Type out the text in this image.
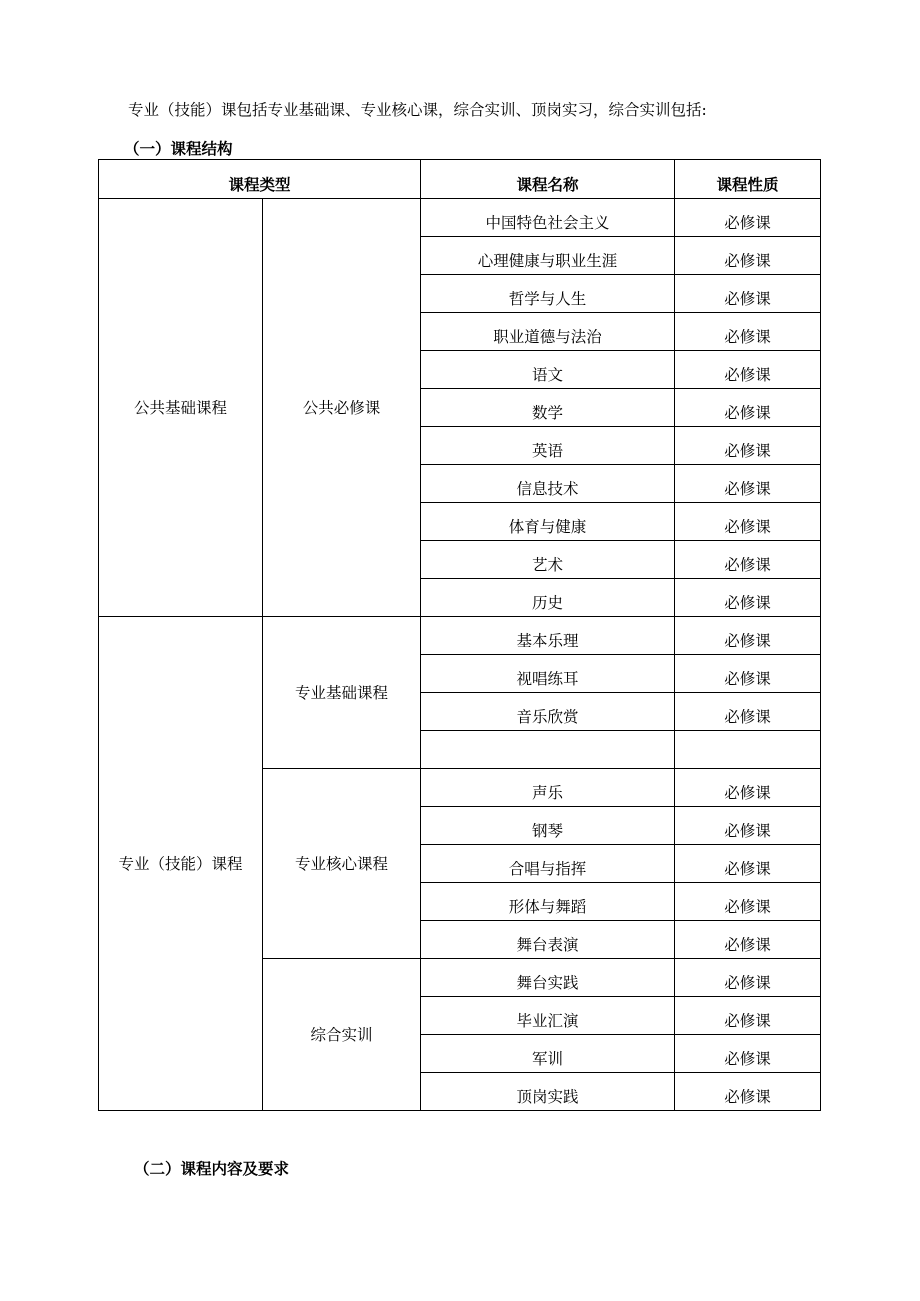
专业（技能）课包括专业基础课、专业核心课，综合实训、顶岗实习，综合实训包括:
（一）课程结构
课程类型		课程名称	课程性质
公共基础课程	公共必修课	中国特色社会主义	必修课
		心理健康与职业生涯	必修课
		哲学与人生	必修课
		职业道德与法治	必修课
		语文	必修课
		数学	必修课
		英语	必修课
		信息技术	必修课
		体育与健康	必修课
		艺术	必修课
		历史	必修课
专业（技能）课程	专业基础课程	基本乐理	必修课
		视唱练耳	必修课
		音乐欣赏	必修课

	专业核心课程	声乐	必修课
		钢琴	必修课
		合唱与指挥	必修课
		形体与舞蹈	必修课
		舞台表演	必修课
	综合实训	舞台实践	必修课
		毕业汇演	必修课
		军训	必修课
		顶岗实践	必修课
（二）课程内容及要求
